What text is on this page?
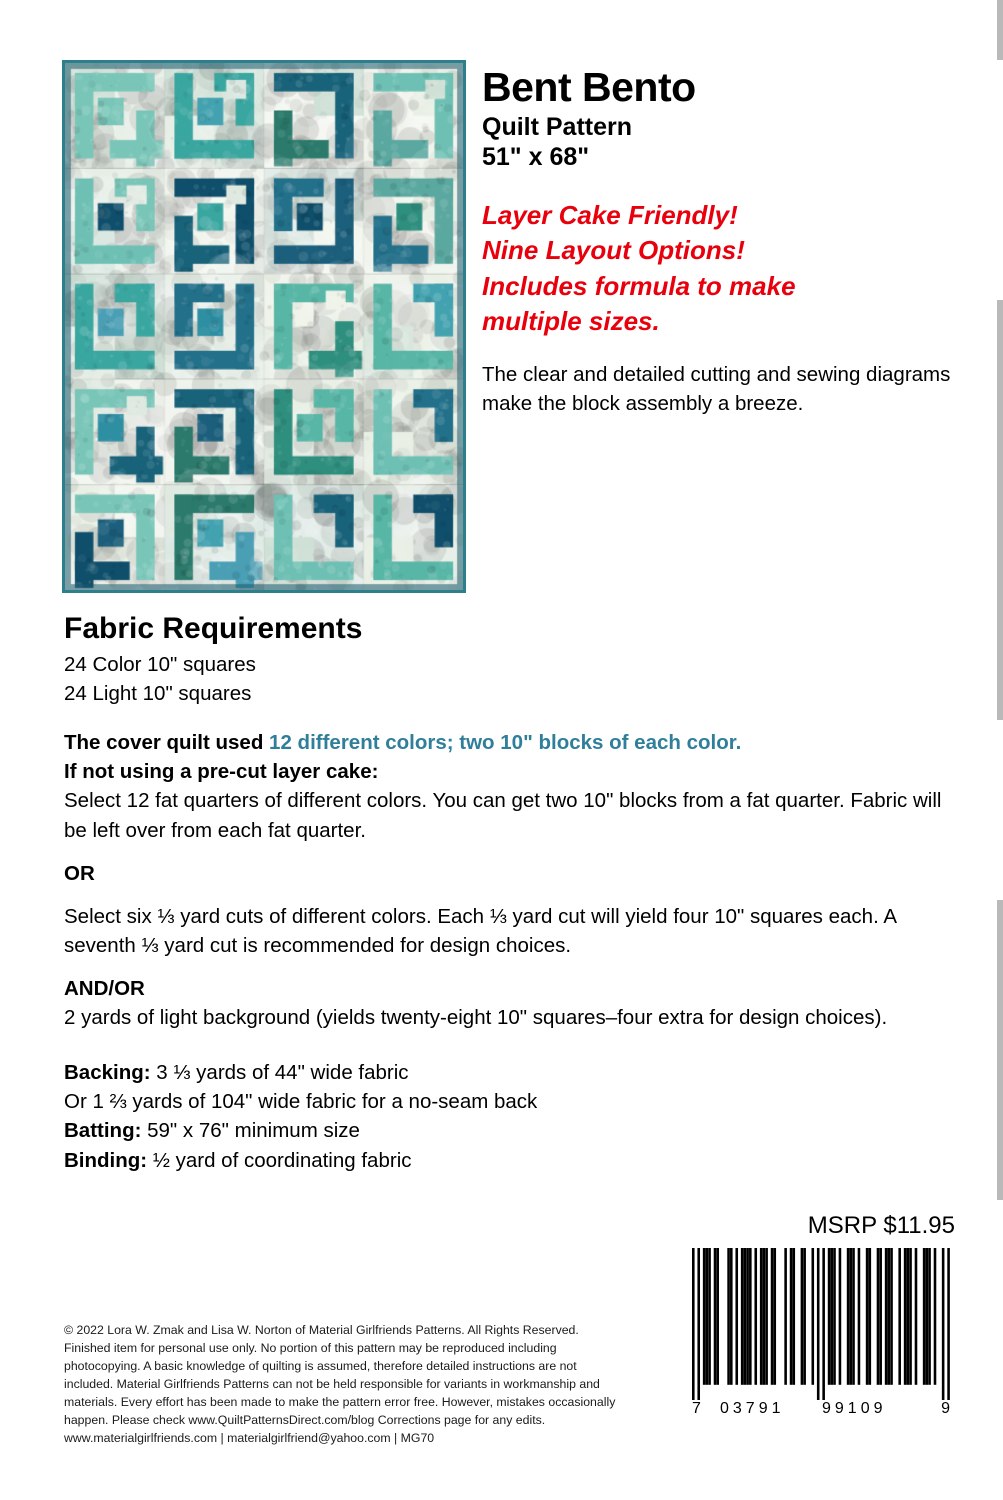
Bent Bento
Quilt Pattern
51" x 68"

Layer Cake Friendly!

Nine Layout Options!

Includes formula to make

multiple sizes.

The clear and detailed cutting and sewing diagrams make the block assembly a breeze.

Fabric Requirements

24 Color 10" squares

24 Light 10" squares

The cover quilt used 12 different colors; two 10" blocks of each color.

If not using a pre-cut layer cake:

Select 12 fat quarters of different colors. You can get two 10" blocks from a fat quarter. Fabric will be left over from each fat quarter.

OR

Select six ⅓ yard cuts of different colors. Each ⅓ yard cut will yield four 10" squares each. A seventh ⅓ yard cut is recommended for design choices.

AND/OR

2 yards of light background (yields twenty-eight 10" squares–four extra for design choices).

Backing: 3 ⅓ yards of 44" wide fabric

Or 1 ⅔ yards of 104" wide fabric for a no-seam back

Batting: 59" x 76" minimum size

Binding: ½ yard of coordinating fabric

MSRP $11.95
7 03791 99109	9

© 2022 Lora W. Zmak and Lisa W. Norton of Material Girlfriends Patterns. All Rights Reserved.

Finished item for personal use only. No portion of this pattern may be reproduced including

photocopying. A basic knowledge of quilting is assumed, therefore detailed instructions are not

included. Material Girlfriends Patterns can not be held responsible for variants in workmanship and

materials. Every effort has been made to make the pattern error free. However, mistakes occasionally

happen. Please check www.QuiltPatternsDirect.com/blog Corrections page for any edits.

www.materialgirlfriends.com | materialgirlfriend@yahoo.com | MG70
